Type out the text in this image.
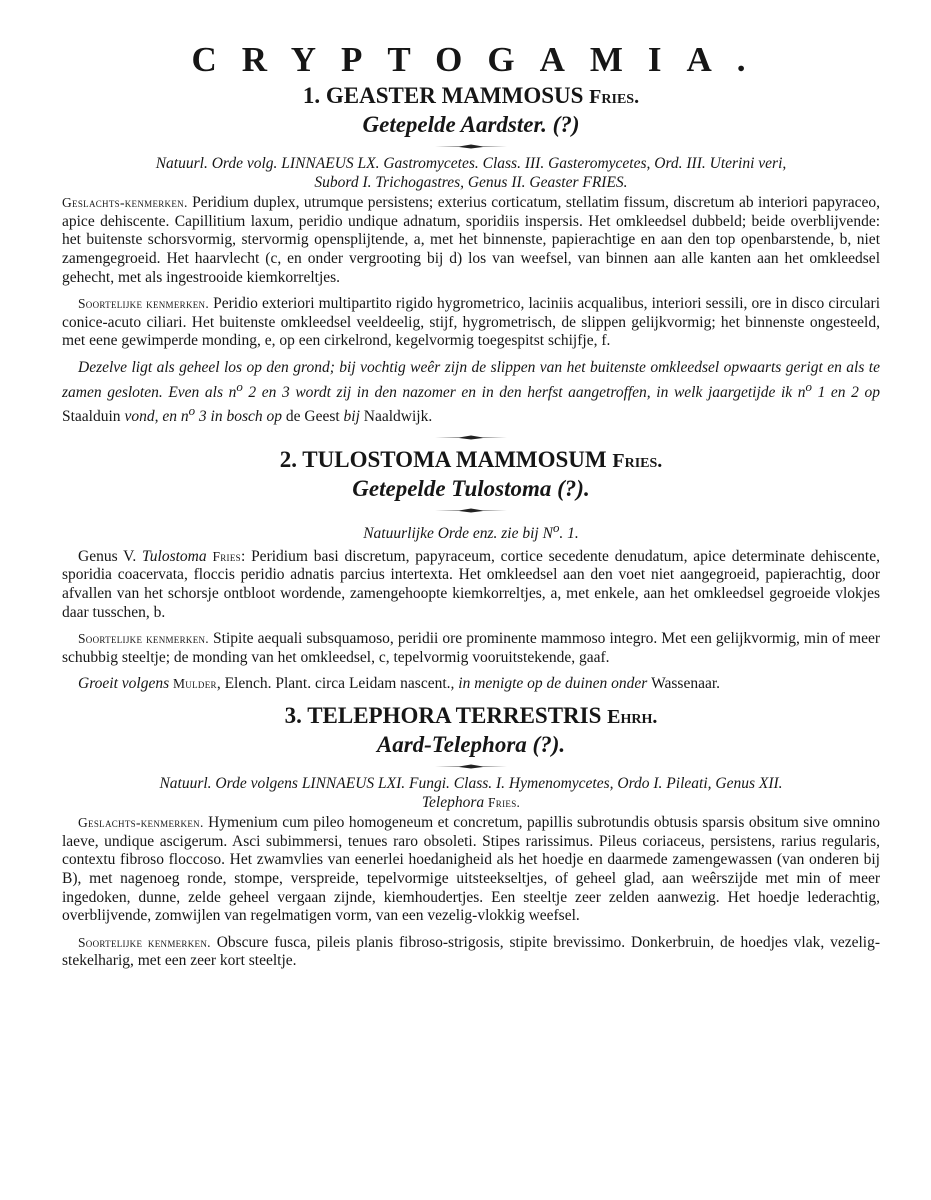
CRYPTOGAMIA.
1. GEASTER MAMMOSUS Fries.
Getepelde Aardster. (?)

Natuurl. Orde volg. LINNAEUS LX. Gastromycetes. Class. III. Gasteromycetes, Ord. III. Uterini veri,
Subord I. Trichogastres, Genus II. Geaster FRIES.

Geslachts-kenmerken. Peridium duplex, utrumque persistens; exterius corticatum, stellatim fissum, discretum ab interiori papyraceo, apice dehiscente. Capillitium laxum, peridio undique adnatum, sporidiis inspersis. Het omkleedsel dubbeld; beide overblijvende: het buitenste schorsvormig, stervormig opensplijtende, a, met het binnenste, papierachtige en aan den top openbarstende, b, niet zamengegroeid. Het haarvlecht (c, en onder vergrooting bij d) los van weefsel, van binnen aan alle kanten aan het omkleedsel gehecht, met als ingestrooide kiemkorreltjes.

Soortelijke kenmerken. Peridio exteriori multipartito rigido hygrometrico, laciniis acqualibus, interiori sessili, ore in disco circulari conice-acuto ciliari. Het buitenste omkleedsel veeldeelig, stijf, hygrometrisch, de slippen gelijkvormig; het binnenste ongesteeld, met eene gewimperde monding, e, op een cirkelrond, kegelvormig toegespitst schijfje, f.

Dezelve ligt als geheel los op den grond; bij vochtig weêr zijn de slippen van het buitenste omkleedsel opwaarts gerigt en als te zamen gesloten. Even als $n^o$ 2 en 3 wordt zij in den nazomer en in den herfst aangetroffen, in welk jaargetijde ik $n^o$ 1 en 2 op Staalduin vond, en $n^o$ 3 in bosch op de Geest bij Naaldwijk.

2. TULOSTOMA MAMMOSUM Fries.
Getepelde Tulostoma (?).

Natuurlijke Orde enz. zie bij $N^o$. 1.

Genus V. Tulostoma Fries: Peridium basi discretum, papyraceum, cortice secedente denudatum, apice determinate dehiscente, sporidia coacervata, floccis peridio adnatis parcius intertexta. Het omkleedsel aan den voet niet aangegroeid, papierachtig, door afvallen van het schorsje ontbloot wordende, zamengehoopte kiemkorreltjes, a, met enkele, aan het omkleedsel gegroeide vlokjes daar tusschen, b.

Soortelijke kenmerken. Stipite aequali subsquamoso, peridii ore prominente mammoso integro. Met een gelijkvormig, min of meer schubbig steeltje; de monding van het omkleedsel, c, tepelvormig vooruitstekende, gaaf.

Groeit volgens Mulder, Elench. Plant. circa Leidam nascent., in menigte op de duinen onder Wassenaar.

3. TELEPHORA TERRESTRIS Ehrh.
Aard-Telephora (?).

Natuurl. Orde volgens LINNAEUS LXI. Fungi. Class. I. Hymenomycetes, Ordo I. Pileati, Genus XII.
Telephora Fries.

Geslachts-kenmerken. Hymenium cum pileo homogeneum et concretum, papillis subrotundis obtusis sparsis obsitum sive omnino laeve, undique ascigerum. Asci subimmersi, tenues raro obsoleti. Stipes rarissimus. Pileus coriaceus, persistens, rarius regularis, contextu fibroso floccoso. Het zwamvlies van eenerlei hoedanigheid als het hoedje en daarmede zamengewassen (van onderen bij B), met nagenoeg ronde, stompe, verspreide, tepelvormige uitsteekseltjes, of geheel glad, aan weêrszijde met min of meer ingedoken, dunne, zelde geheel vergaan zijnde, kiemhoudertjes. Een steeltje zeer zelden aanwezig. Het hoedje lederachtig, overblijvende, zomwijlen van regelmatigen vorm, van een vezelig-vlokkig weefsel.

Soortelijke kenmerken. Obscure fusca, pileis planis fibroso-strigosis, stipite brevissimo. Donkerbruin, de hoedjes vlak, vezelig-stekelharig, met een zeer kort steeltje.
